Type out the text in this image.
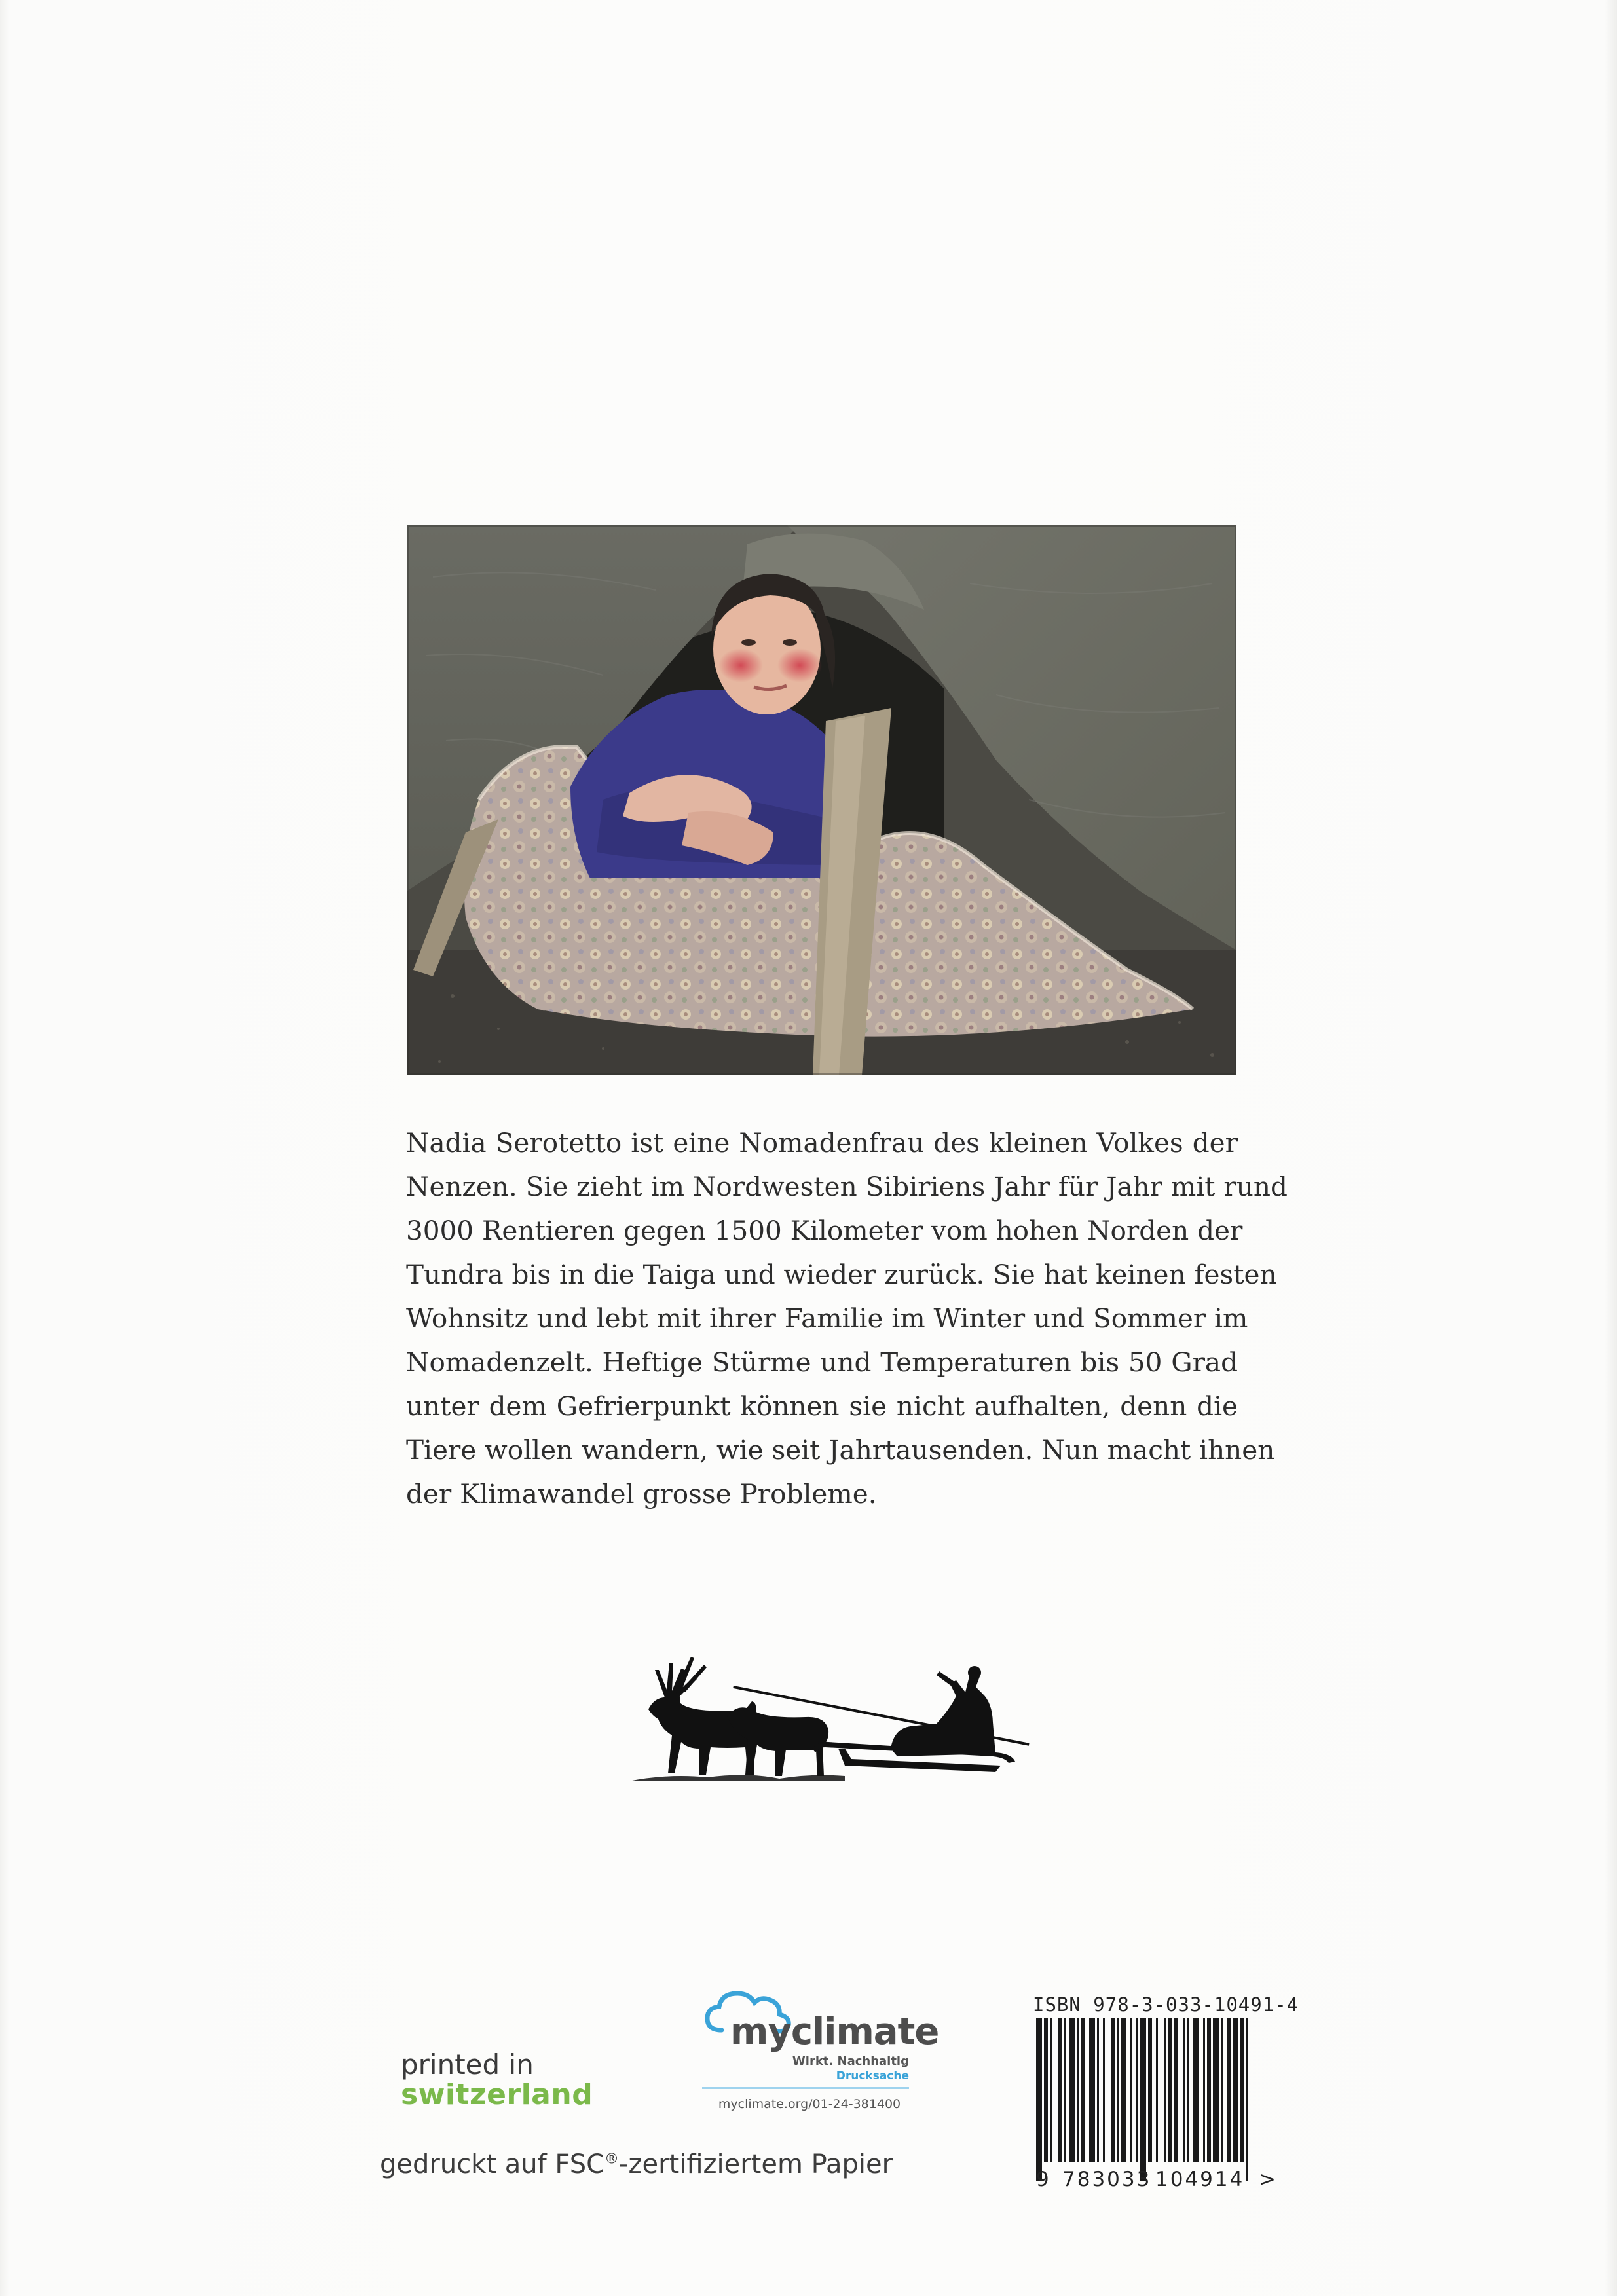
Nadia Serotetto ist eine Nomadenfrau des kleinen Volkes der
Nenzen. Sie zieht im Nordwesten Sibiriens Jahr für Jahr mit rund
3000 Rentieren gegen 1500 Kilometer vom hohen Norden der
Tundra bis in die Taiga und wieder zurück. Sie hat keinen festen
Wohnsitz und lebt mit ihrer Familie im Winter und Sommer im
Nomadenzelt. Heftige Stürme und Temperaturen bis 50 Grad
unter dem Gefrierpunkt können sie nicht aufhalten, denn die
Tiere wollen wandern, wie seit Jahrtausenden. Nun macht ihnen
der Klimawandel grosse Probleme.

printed in
switzerland
myclimate
Wirkt. Nachhaltig
Drucksache
myclimate.org/01-24-381400
gedruckt auf FSC®-zertifiziertem Papier
ISBN 978-3-033-10491-4
9 783033 104914 >
